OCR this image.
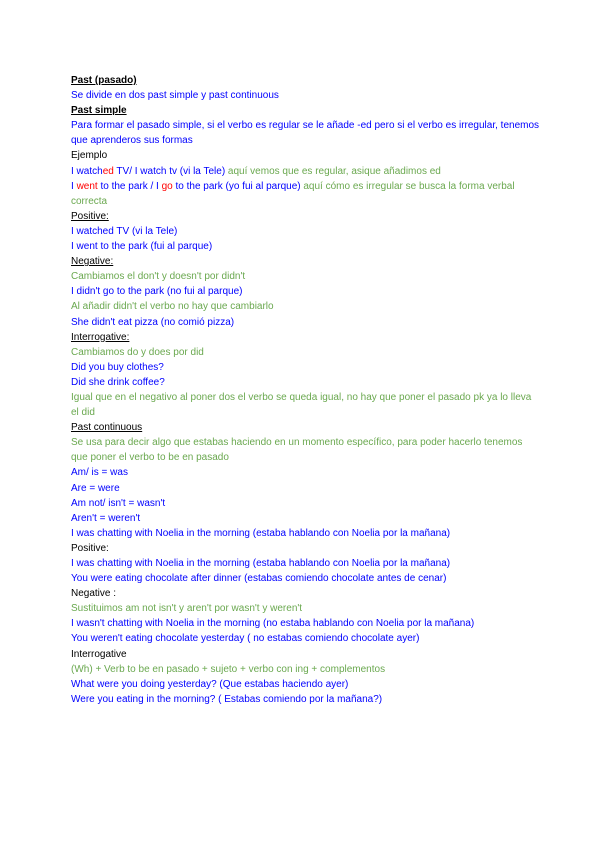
Past (pasado)

Se divide en dos past simple y past continuous

Past simple

Para formar el pasado simple, si el verbo es regular se le añade -ed pero si el verbo es irregular, tenemos que aprenderos sus formas

Ejemplo

I watched TV/ I watch tv (vi la Tele) aquí vemos que es regular, asique añadimos ed

I went to the park / I go to the park (yo fui al parque) aquí cómo es irregular se busca la forma verbal correcta

Positive:

I watched TV (vi la Tele)

I went to the park (fui al parque)

Negative:

Cambiamos el don't y doesn't por didn't

I didn't go to the park (no fui al parque)

Al añadir didn't el verbo no hay que cambiarlo

She didn't eat pizza (no comió pizza)

Interrogative:

Cambiamos do y does por did

Did you buy clothes?

Did she drink coffee?

Igual que en el negativo al poner dos el verbo se queda igual, no hay que poner el pasado pk ya lo lleva el did

Past continuous

Se usa para decir algo que estabas haciendo en un momento específico, para poder hacerlo tenemos que poner el verbo to be en pasado

Am/ is = was

Are = were

Am not/ isn't = wasn't

Aren't = weren't

I was chatting with Noelia in the morning (estaba hablando con Noelia por la mañana)

Positive:

I was chatting with Noelia in the morning (estaba hablando con Noelia por la mañana)

You were eating chocolate after dinner (estabas comiendo chocolate antes de cenar)

Negative :

Sustituimos am not isn't y aren't por wasn't y weren't

I wasn't chatting with Noelia in the morning (no estaba hablando con Noelia por la mañana)

You weren't eating chocolate yesterday ( no estabas comiendo chocolate ayer)

Interrogative

(Wh) + Verb to be en pasado + sujeto + verbo con ing + complementos

What were you doing yesterday? (Que estabas haciendo ayer)

Were you eating in the morning? ( Estabas comiendo por la mañana?)
